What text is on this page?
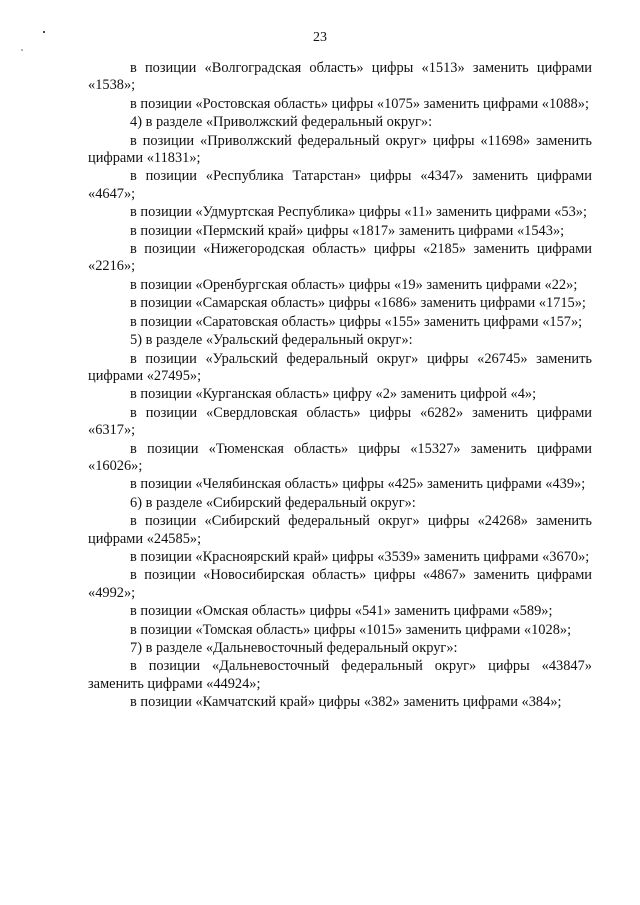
23

в позиции «Волгоградская область» цифры «1513» заменить цифрами «1538»;

в позиции «Ростовская область» цифры «1075» заменить цифрами «1088»;

4) в разделе «Приволжский федеральный округ»:

в позиции «Приволжский федеральный округ» цифры «11698» заменить цифрами «11831»;

в позиции «Республика Татарстан» цифры «4347» заменить цифрами «4647»;

в позиции «Удмуртская Республика» цифры «11» заменить цифрами «53»;

в позиции «Пермский край» цифры «1817» заменить цифрами «1543»;

в позиции «Нижегородская область» цифры «2185» заменить цифрами «2216»;

в позиции «Оренбургская область» цифры «19» заменить цифрами «22»;

в позиции «Самарская область» цифры «1686» заменить цифрами «1715»;

в позиции «Саратовская область» цифры «155» заменить цифрами «157»;

5) в разделе «Уральский федеральный округ»:

в позиции «Уральский федеральный округ» цифры «26745» заменить цифрами «27495»;

в позиции «Курганская область» цифру «2» заменить цифрой «4»;

в позиции «Свердловская область» цифры «6282» заменить цифрами «6317»;

в позиции «Тюменская область» цифры «15327» заменить цифрами «16026»;

в позиции «Челябинская область» цифры «425» заменить цифрами «439»;

6) в разделе «Сибирский федеральный округ»:

в позиции «Сибирский федеральный округ» цифры «24268» заменить цифрами «24585»;

в позиции «Красноярский край» цифры «3539» заменить цифрами «3670»;

в позиции «Новосибирская область» цифры «4867» заменить цифрами «4992»;

в позиции «Омская область» цифры «541» заменить цифрами «589»;

в позиции «Томская область» цифры «1015» заменить цифрами «1028»;

7) в разделе «Дальневосточный федеральный округ»:

в позиции «Дальневосточный федеральный округ» цифры «43847» заменить цифрами «44924»;

в позиции «Камчатский край» цифры «382» заменить цифрами «384»;
